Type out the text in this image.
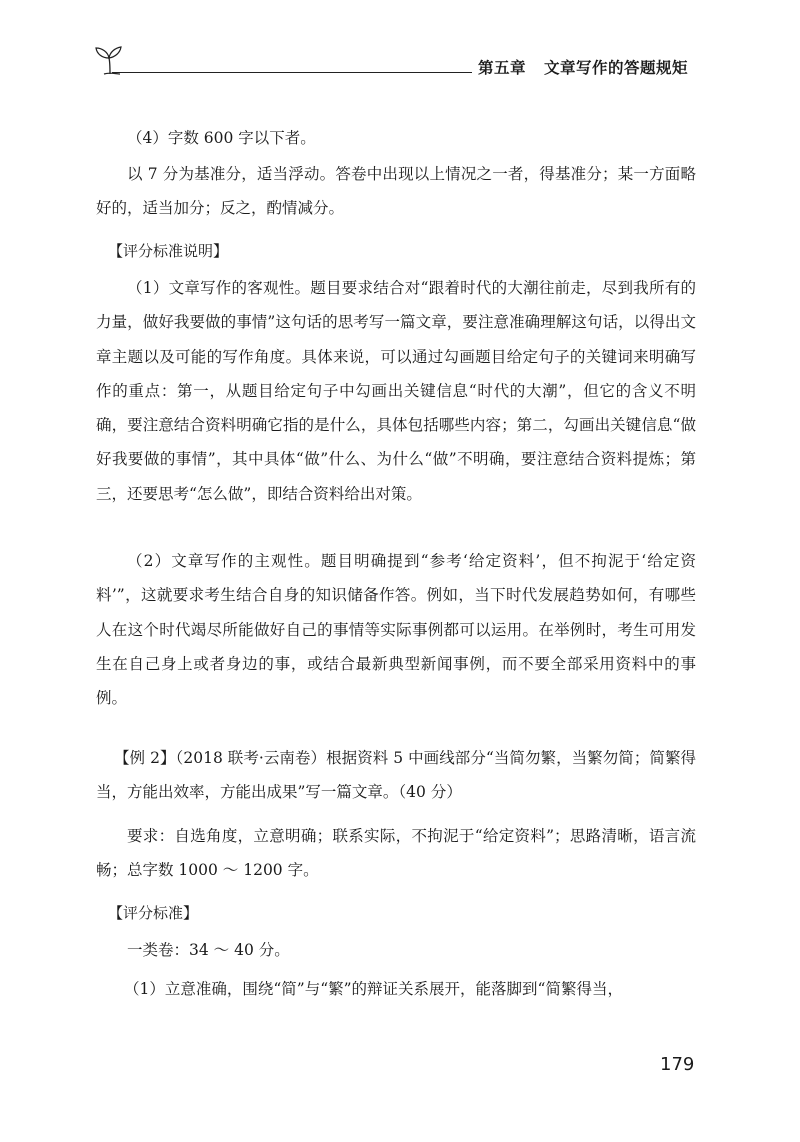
第五章 文章写作的答题规矩

（4）字数 600 字以下者。

以 7 分为基准分，适当浮动。答卷中出现以上情况之一者，得基准分；某一方面略好的，适当加分；反之，酌情减分。

【评分标准说明】

（1）文章写作的客观性。题目要求结合对“跟着时代的大潮往前走，尽到我所有的力量，做好我要做的事情”这句话的思考写一篇文章，要注意准确理解这句话，以得出文章主题以及可能的写作角度。具体来说，可以通过勾画题目给定句子的关键词来明确写作的重点：第一，从题目给定句子中勾画出关键信息“时代的大潮”，但它的含义不明确，要注意结合资料明确它指的是什么，具体包括哪些内容；第二，勾画出关键信息“做好我要做的事情”，其中具体“做”什么、为什么“做”不明确，要注意结合资料提炼；第三，还要思考“怎么做”，即结合资料给出对策。

（2）文章写作的主观性。题目明确提到“参考‘给定资料’，但不拘泥于‘给定资料’”，这就要求考生结合自身的知识储备作答。例如，当下时代发展趋势如何，有哪些人在这个时代竭尽所能做好自己的事情等实际事例都可以运用。在举例时，考生可用发生在自己身上或者身边的事，或结合最新典型新闻事例，而不要全部采用资料中的事例。

【例 2】（2018 联考·云南卷）根据资料 5 中画线部分“当简勿繁，当繁勿简；简繁得当，方能出效率，方能出成果”写一篇文章。（40 分）

要求：自选角度，立意明确；联系实际，不拘泥于“给定资料”；思路清晰，语言流畅；总字数 1000 ～ 1200 字。

【评分标准】

一类卷：34 ～ 40 分。

（1）立意准确，围绕“简”与“繁”的辩证关系展开，能落脚到“简繁得当，

179
